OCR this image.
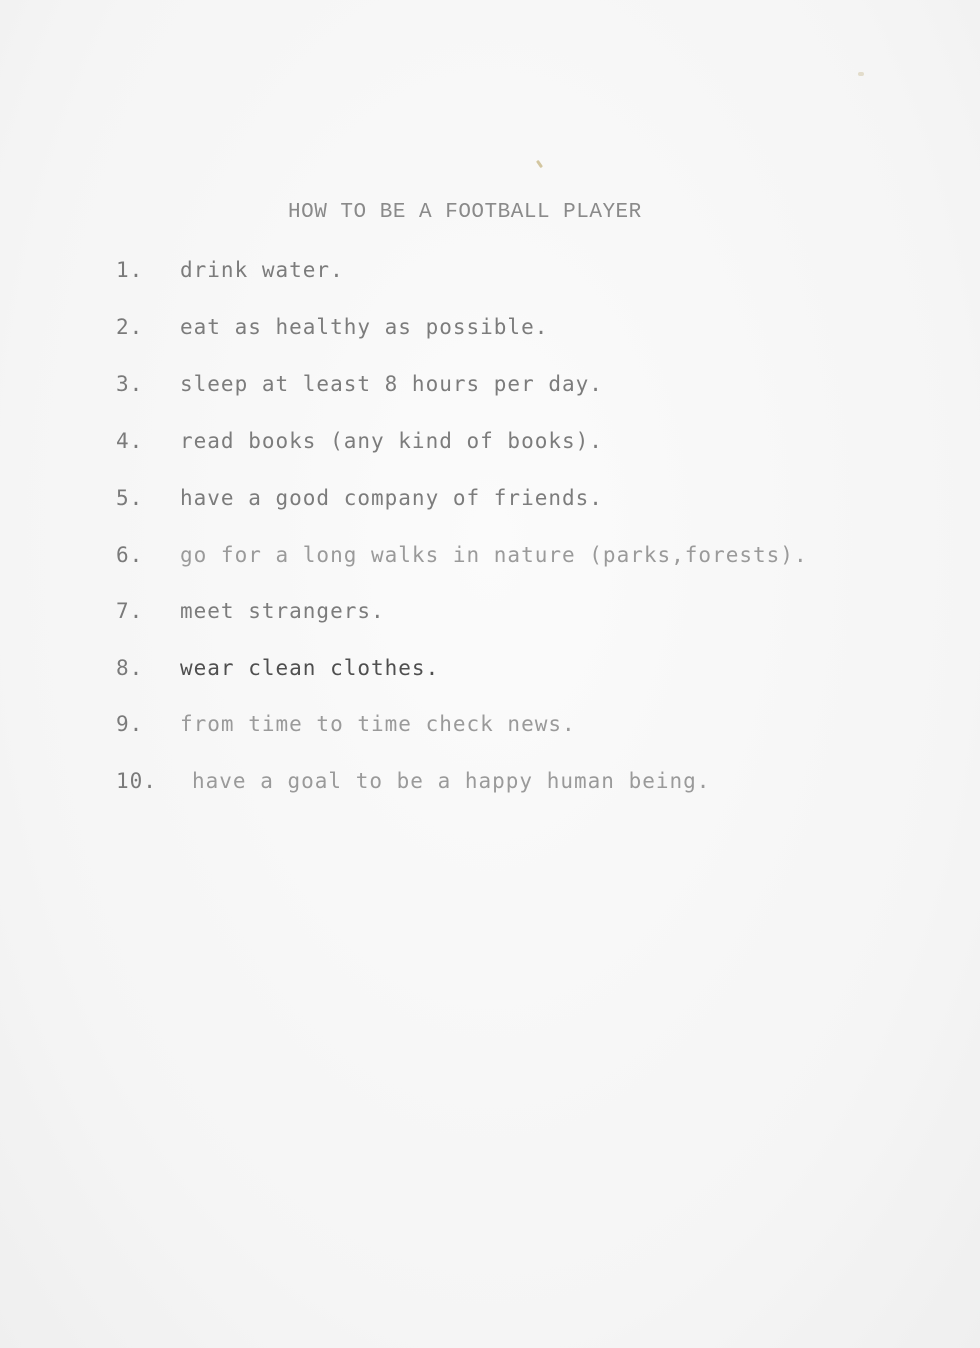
HOW TO BE A FOOTBALL PLAYER
1.	drink water.
2.	eat as healthy as possible.
3.	sleep at least 8 hours per day.
4.	read books (any kind of books).
5.	have a good company of friends.
6.	go for a long walks in nature (parks,forests).
7.	meet strangers.
8.	wear clean clothes.
9.	from time to time check news.
10.	have a goal to be a happy human being.
